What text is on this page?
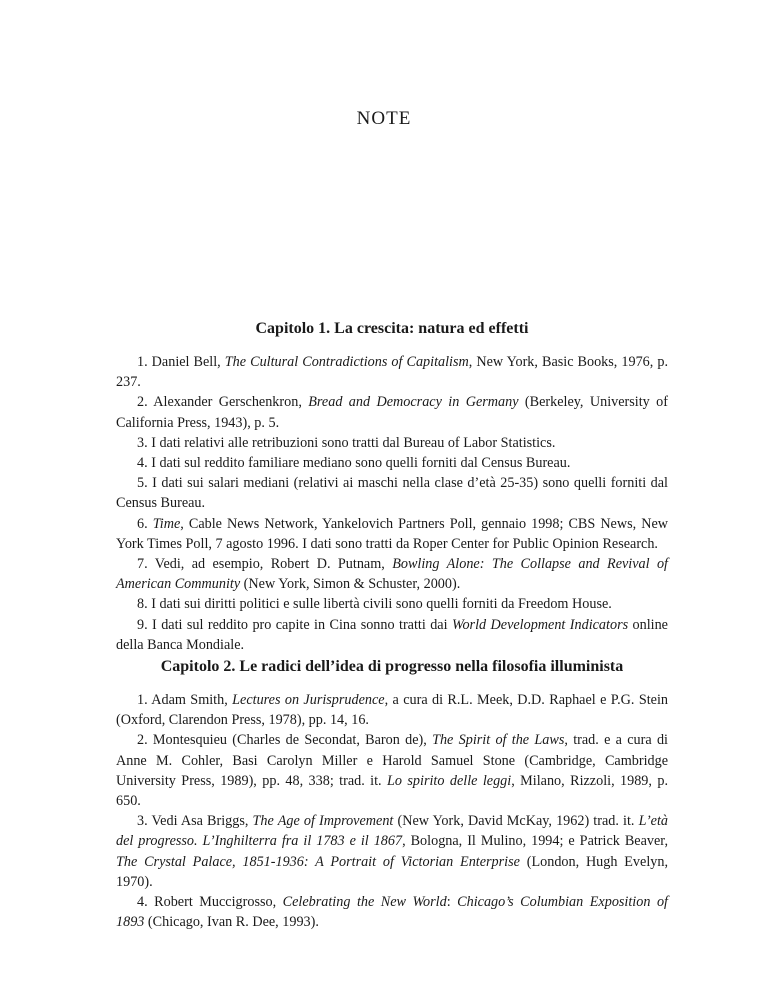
NOTE
Capitolo 1. La crescita: natura ed effetti

1. Daniel Bell, The Cultural Contradictions of Capitalism, New York, Basic Books, 1976, p. 237.

2. Alexander Gerschenkron, Bread and Democracy in Germany (Berkeley, University of California Press, 1943), p. 5.

3. I dati relativi alle retribuzioni sono tratti dal Bureau of Labor Statistics.

4. I dati sul reddito familiare mediano sono quelli forniti dal Census Bureau.

5. I dati sui salari mediani (relativi ai maschi nella clase d’età 25-35) sono quelli forniti dal Census Bureau.

6. Time, Cable News Network, Yankelovich Partners Poll, gennaio 1998; CBS News, New York Times Poll, 7 agosto 1996. I dati sono tratti da Roper Center for Public Opinion Research.

7. Vedi, ad esempio, Robert D. Putnam, Bowling Alone: The Collapse and Revival of American Community (New York, Simon & Schuster, 2000).

8. I dati sui diritti politici e sulle libertà civili sono quelli forniti da Freedom House.

9. I dati sul reddito pro capite in Cina sonno tratti dai World Development Indicators online della Banca Mondiale.

Capitolo 2. Le radici dell’idea di progresso nella filosofia illuminista

1. Adam Smith, Lectures on Jurisprudence, a cura di R.L. Meek, D.D. Raphael e P.G. Stein (Oxford, Clarendon Press, 1978), pp. 14, 16.

2. Montesquieu (Charles de Secondat, Baron de), The Spirit of the Laws, trad. e a cura di Anne M. Cohler, Basi Carolyn Miller e Harold Samuel Stone (Cambridge, Cambridge University Press, 1989), pp. 48, 338; trad. it. Lo spirito delle leggi, Milano, Rizzoli, 1989, p. 650.

3. Vedi Asa Briggs, The Age of Improvement (New York, David McKay, 1962) trad. it. L’età del progresso. L’Inghilterra fra il 1783 e il 1867, Bologna, Il Mulino, 1994; e Patrick Beaver, The Crystal Palace, 1851-1936: A Portrait of Victorian Enterprise (London, Hugh Evelyn, 1970).

4. Robert Muccigrosso, Celebrating the New World: Chicago’s Columbian Exposition of 1893 (Chicago, Ivan R. Dee, 1993).
